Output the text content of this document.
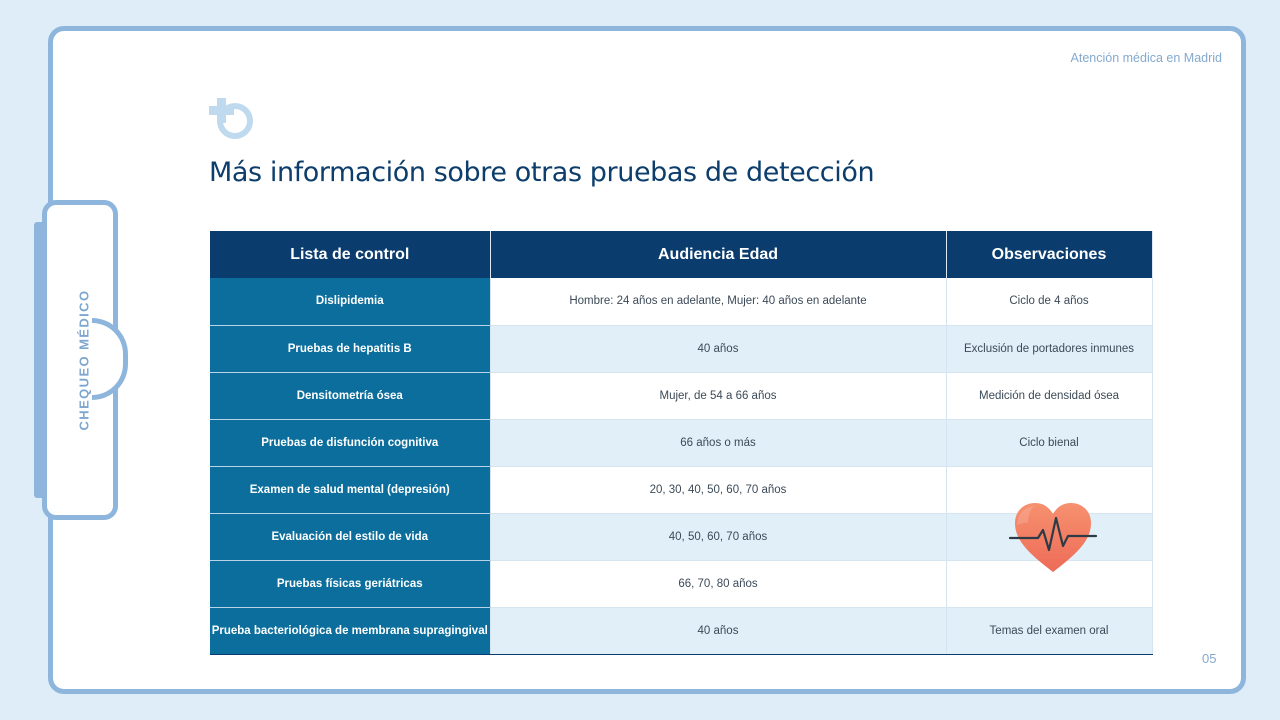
CHEQUEO MÉDICO
Atención médica en Madrid
Más información sobre otras pruebas de detección
Lista de control	Audiencia Edad	Observaciones
Dislipidemia	Hombre: 24 años en adelante, Mujer: 40 años en adelante	Ciclo de 4 años
Pruebas de hepatitis B	40 años	Exclusión de portadores inmunes
Densitometría ósea	Mujer, de 54 a 66 años	Medición de densidad ósea
Pruebas de disfunción cognitiva	66 años o más	Ciclo bienal
Examen de salud mental (depresión)	20, 30, 40, 50, 60, 70 años	
Evaluación del estilo de vida	40, 50, 60, 70 años	
Pruebas físicas geriátricas	66, 70, 80 años	
Prueba bacteriológica de membrana supragingival	40 años	Temas del examen oral
05
